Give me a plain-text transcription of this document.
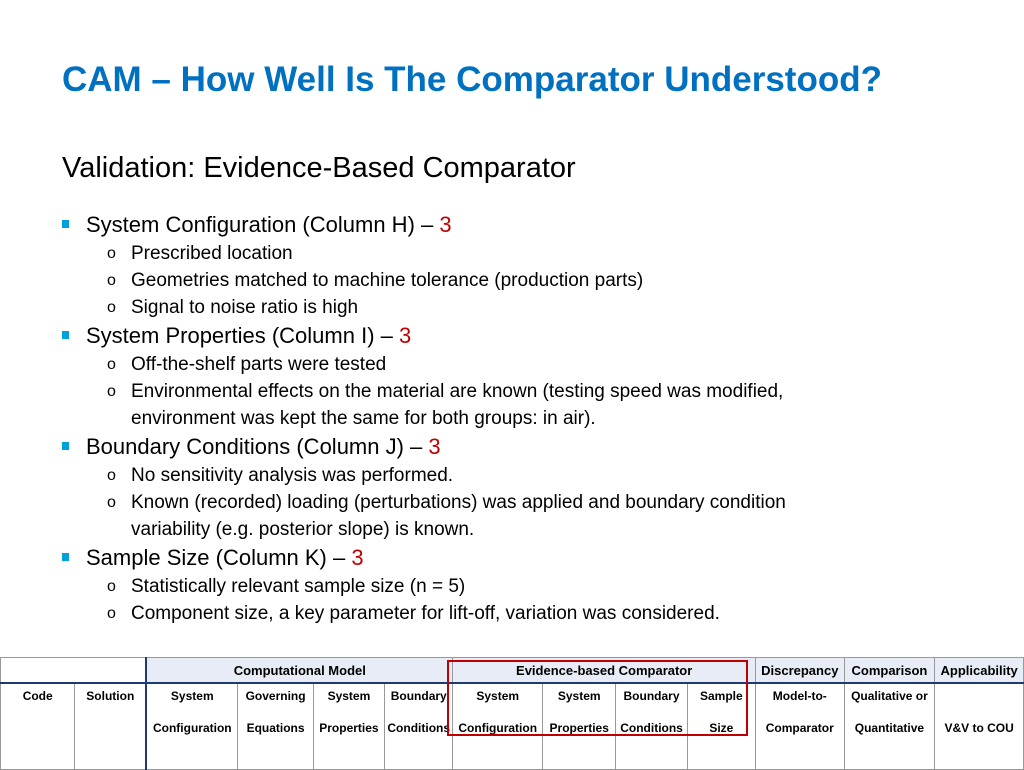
CAM – How Well Is The Comparator Understood?
Validation: Evidence-Based Comparator
System Configuration (Column H) – 3
o Prescribed location
o Geometries matched to machine tolerance (production parts)
o Signal to noise ratio is high
System Properties (Column I) – 3
o Off-the-shelf parts were tested
o Environmental effects on the material are known (testing speed was modified,
environment was kept the same for both groups: in air).
Boundary Conditions (Column J) – 3
o No sensitivity analysis was performed.
o Known (recorded) loading (perturbations) was applied and boundary condition
variability (e.g. posterior slope) is known.
Sample Size (Column K) – 3
o Statistically relevant sample size (n = 5)
o Component size, a key parameter for lift-off, variation was considered.
		Computational Model				Evidence-based Comparator				Discrepancy	Comparison	Applicability
Code	Solution	System	Governing	System	Boundary	System	System	Boundary	Sample	Model-to-	Qualitative or	
		Configuration	Equations	Properties	Conditions	Configuration	Properties	Conditions	Size	Comparator	Quantitative	V&V to COU
